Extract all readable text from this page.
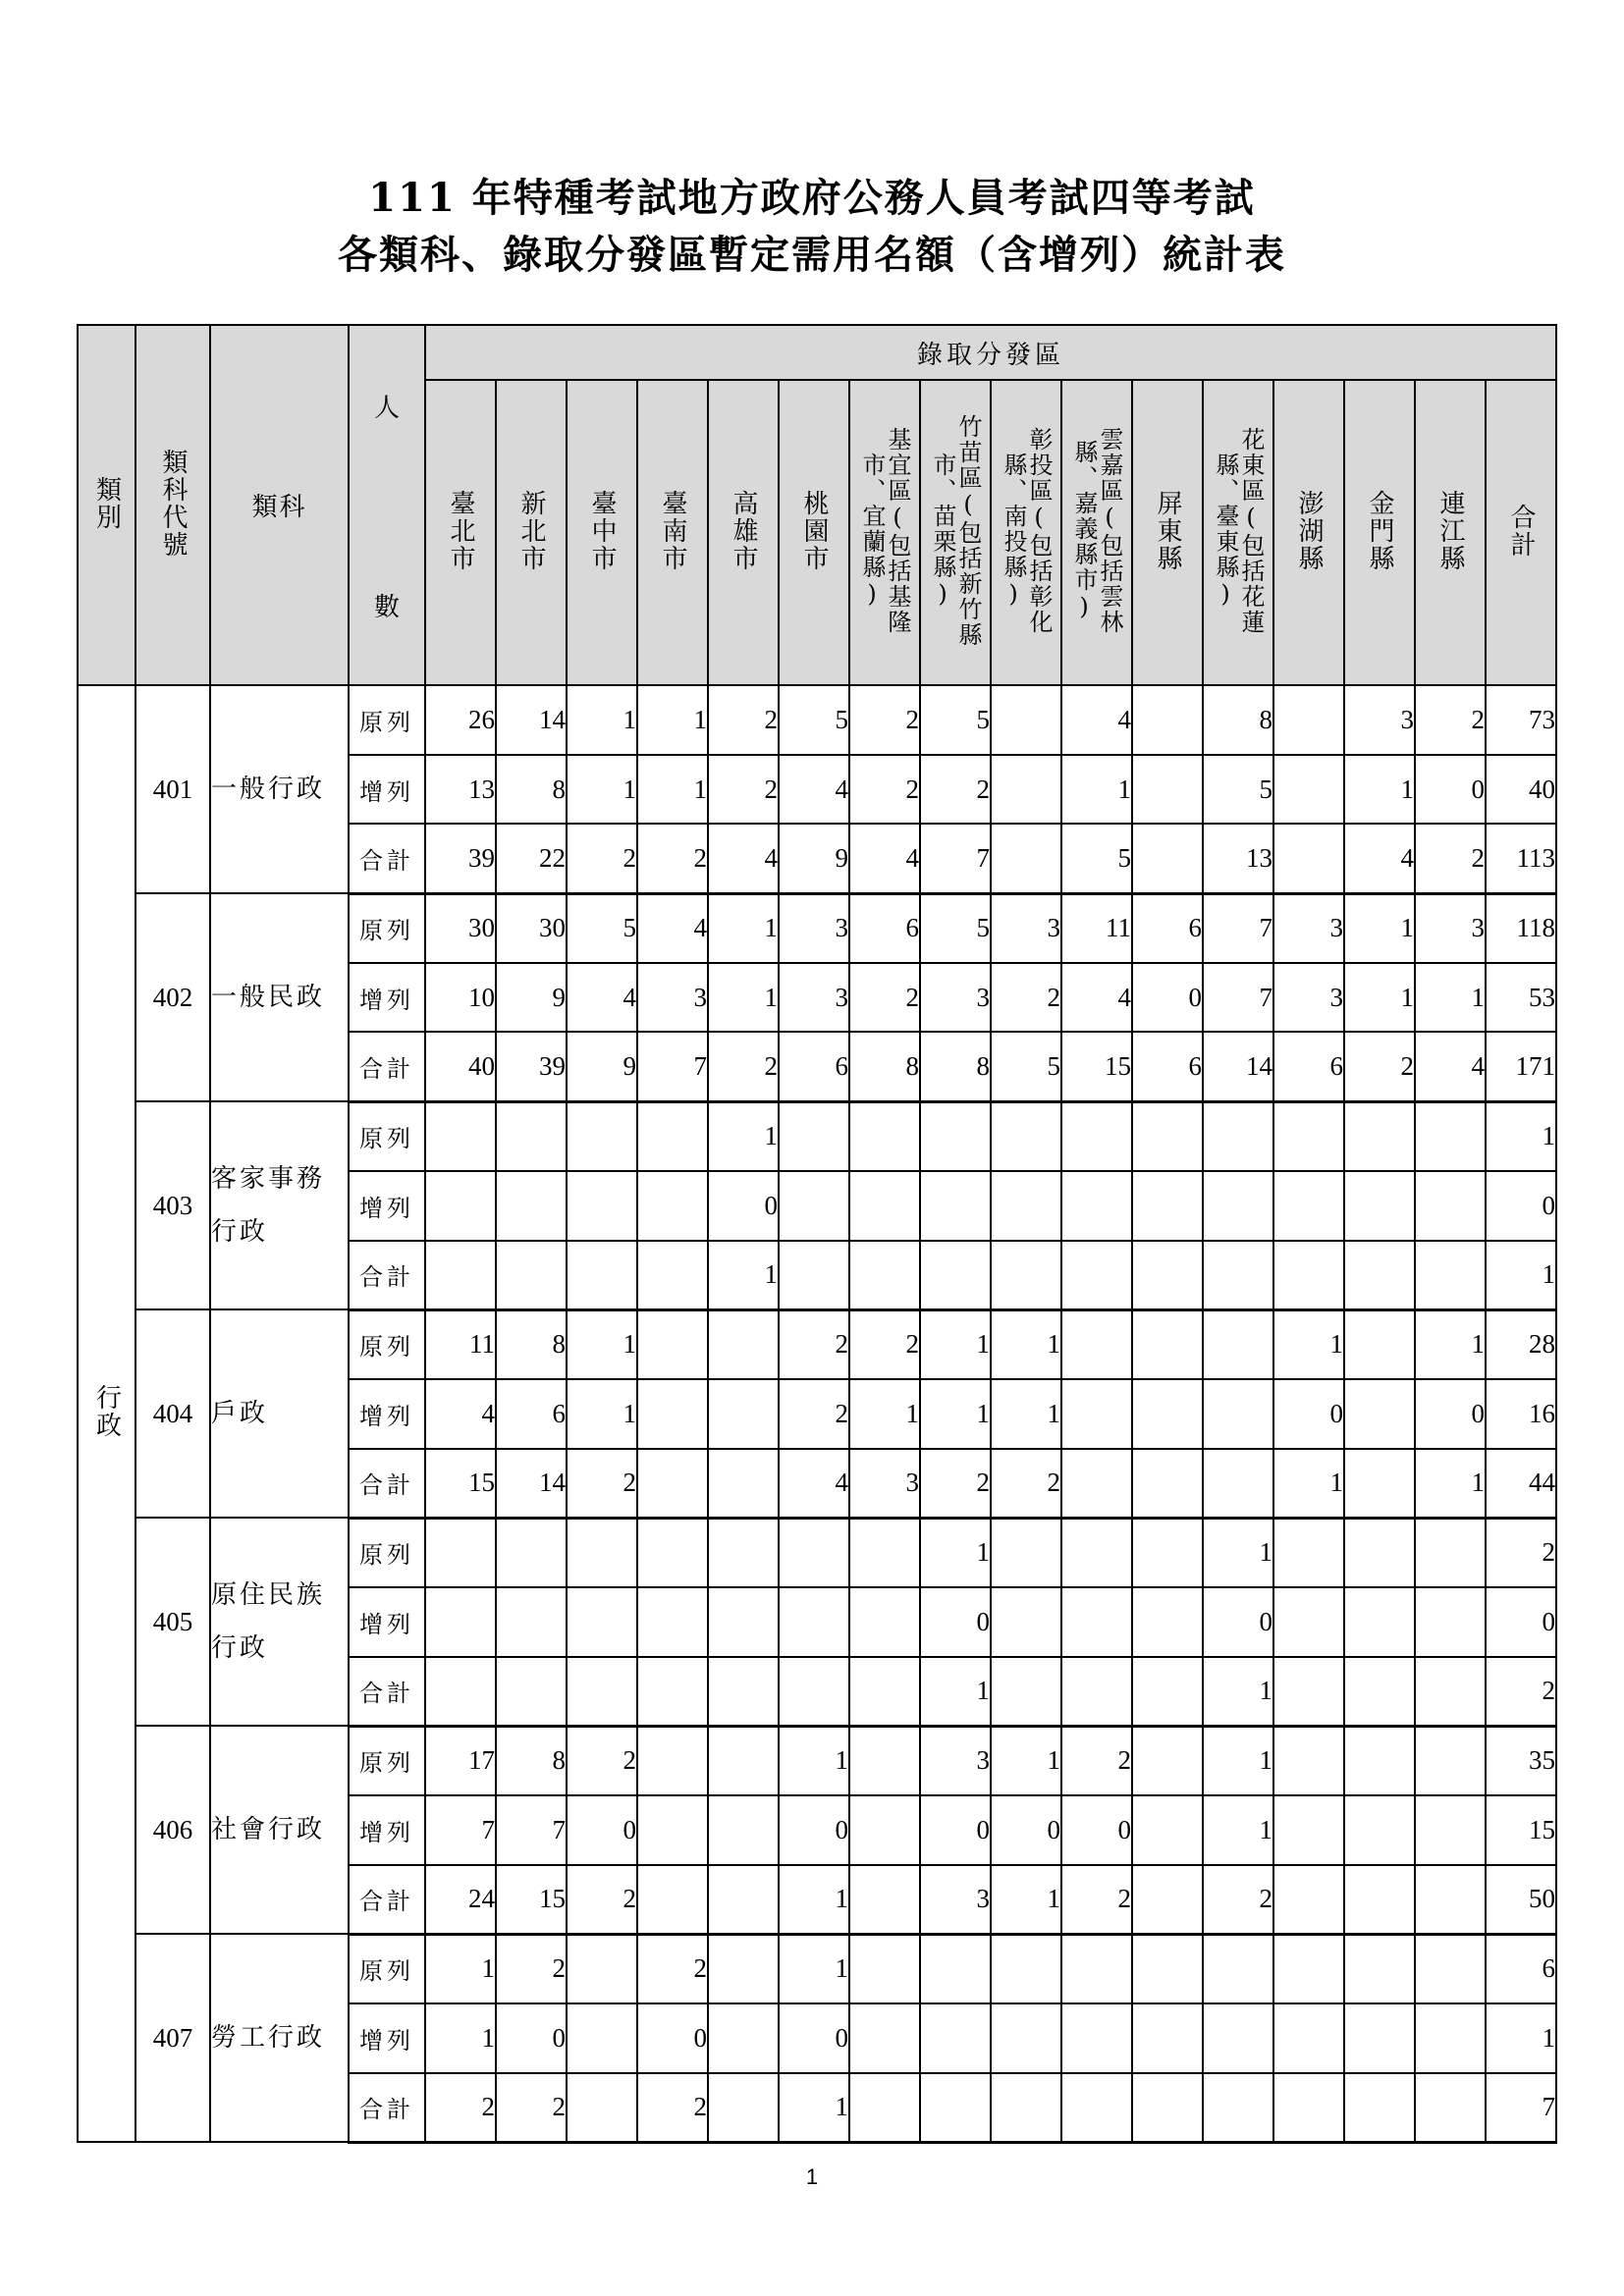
111 年特種考試地方政府公務人員考試四等考試
各類科、錄取分發區暫定需用名額（含增列）統計表
類別	類科代號	類科	人
數	錄取分發區															
				臺北市	新北市	臺中市	臺南市	高雄市	桃園市	基宜區(包括基隆市、宜蘭縣)	竹苗區(包括新竹縣市、苗栗縣)	彰投區(包括彰化縣、南投縣)	雲嘉區(包括雲林縣、嘉義縣市)	屏東縣	花東區(包括花蓮縣、臺東縣)	澎湖縣	金門縣	連江縣	合計
行政	401	一般行政	原列	26	14	1	1	2	5	2	5		4		8		3	2	73
			增列	13	8	1	1	2	4	2	2		1		5		1	0	40
			合計	39	22	2	2	4	9	4	7		5		13		4	2	113
	402	一般民政	原列	30	30	5	4	1	3	6	5	3	11	6	7	3	1	3	118
			增列	10	9	4	3	1	3	2	3	2	4	0	7	3	1	1	53
			合計	40	39	9	7	2	6	8	8	5	15	6	14	6	2	4	171
	403	客家事務行政	原列					1											1
			增列					0											0
			合計					1											1
	404	戶政	原列	11	8	1			2	2	1	1				1		1	28
			增列	4	6	1			2	1	1	1				0		0	16
			合計	15	14	2			4	3	2	2				1		1	44
	405	原住民族行政	原列								1				1				2
			增列								0				0				0
			合計								1				1				2
	406	社會行政	原列	17	8	2			1		3	1	2		1				35
			增列	7	7	0			0		0	0	0		1				15
			合計	24	15	2			1		3	1	2		2				50
	407	勞工行政	原列	1	2		2		1										6
			增列	1	0		0		0										1
			合計	2	2		2		1										7
1
